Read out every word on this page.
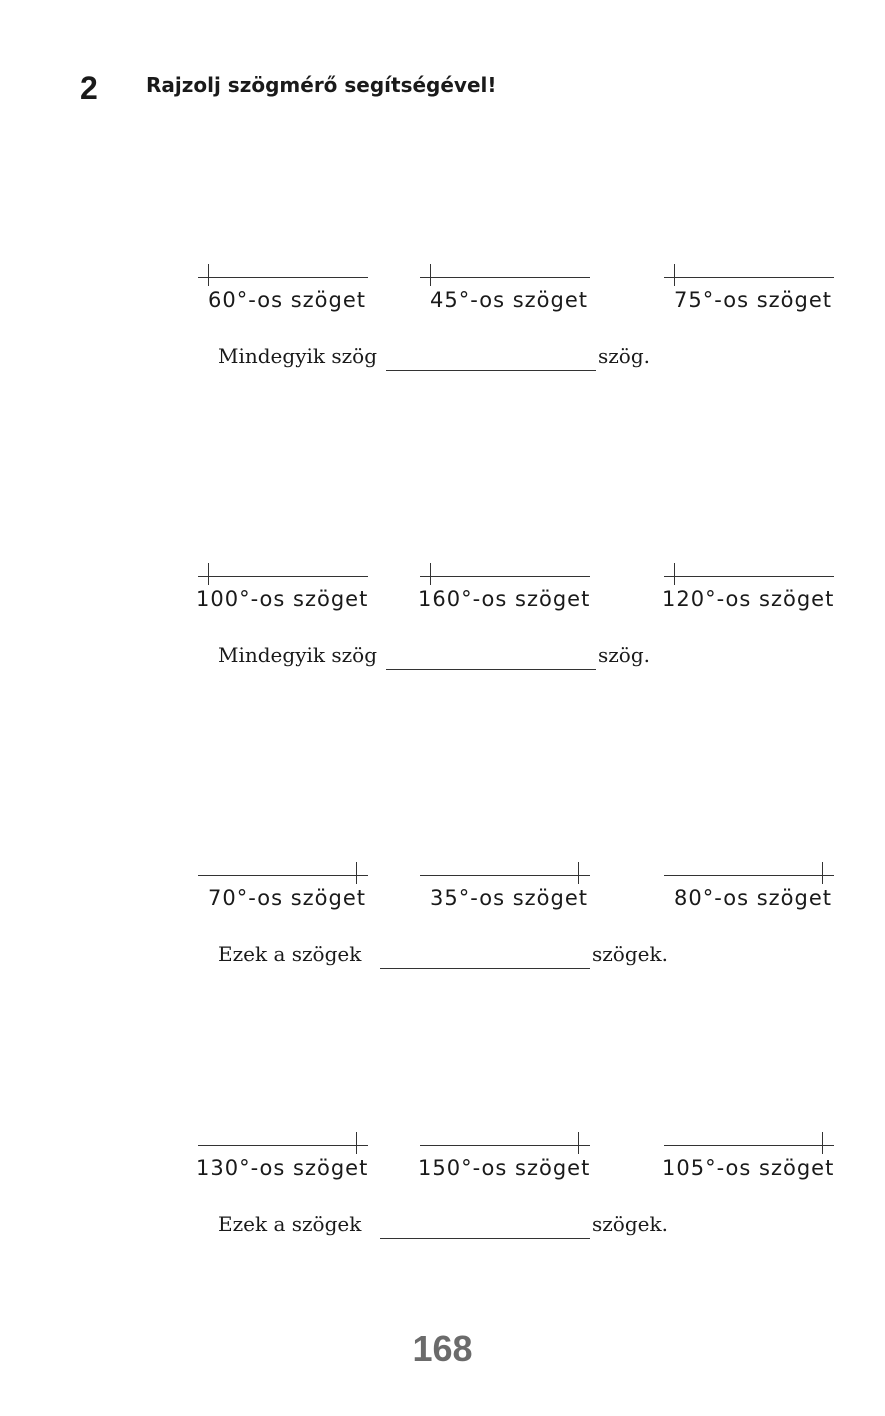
2 Rajzolj szögmérő segítségével!
60°-os szöget	45°-os szöget	75°-os szöget
Mindegyik szög	szög.
100°-os szöget 160°-os szöget	120°-os szöget
Mindegyik szög	szög.
70°-os szöget	35°-os szöget	80°-os szöget
Ezek a szögek	szögek.
130°-os szöget 150°-os szöget	105°-os szöget
Ezek a szögek	szögek.
168
